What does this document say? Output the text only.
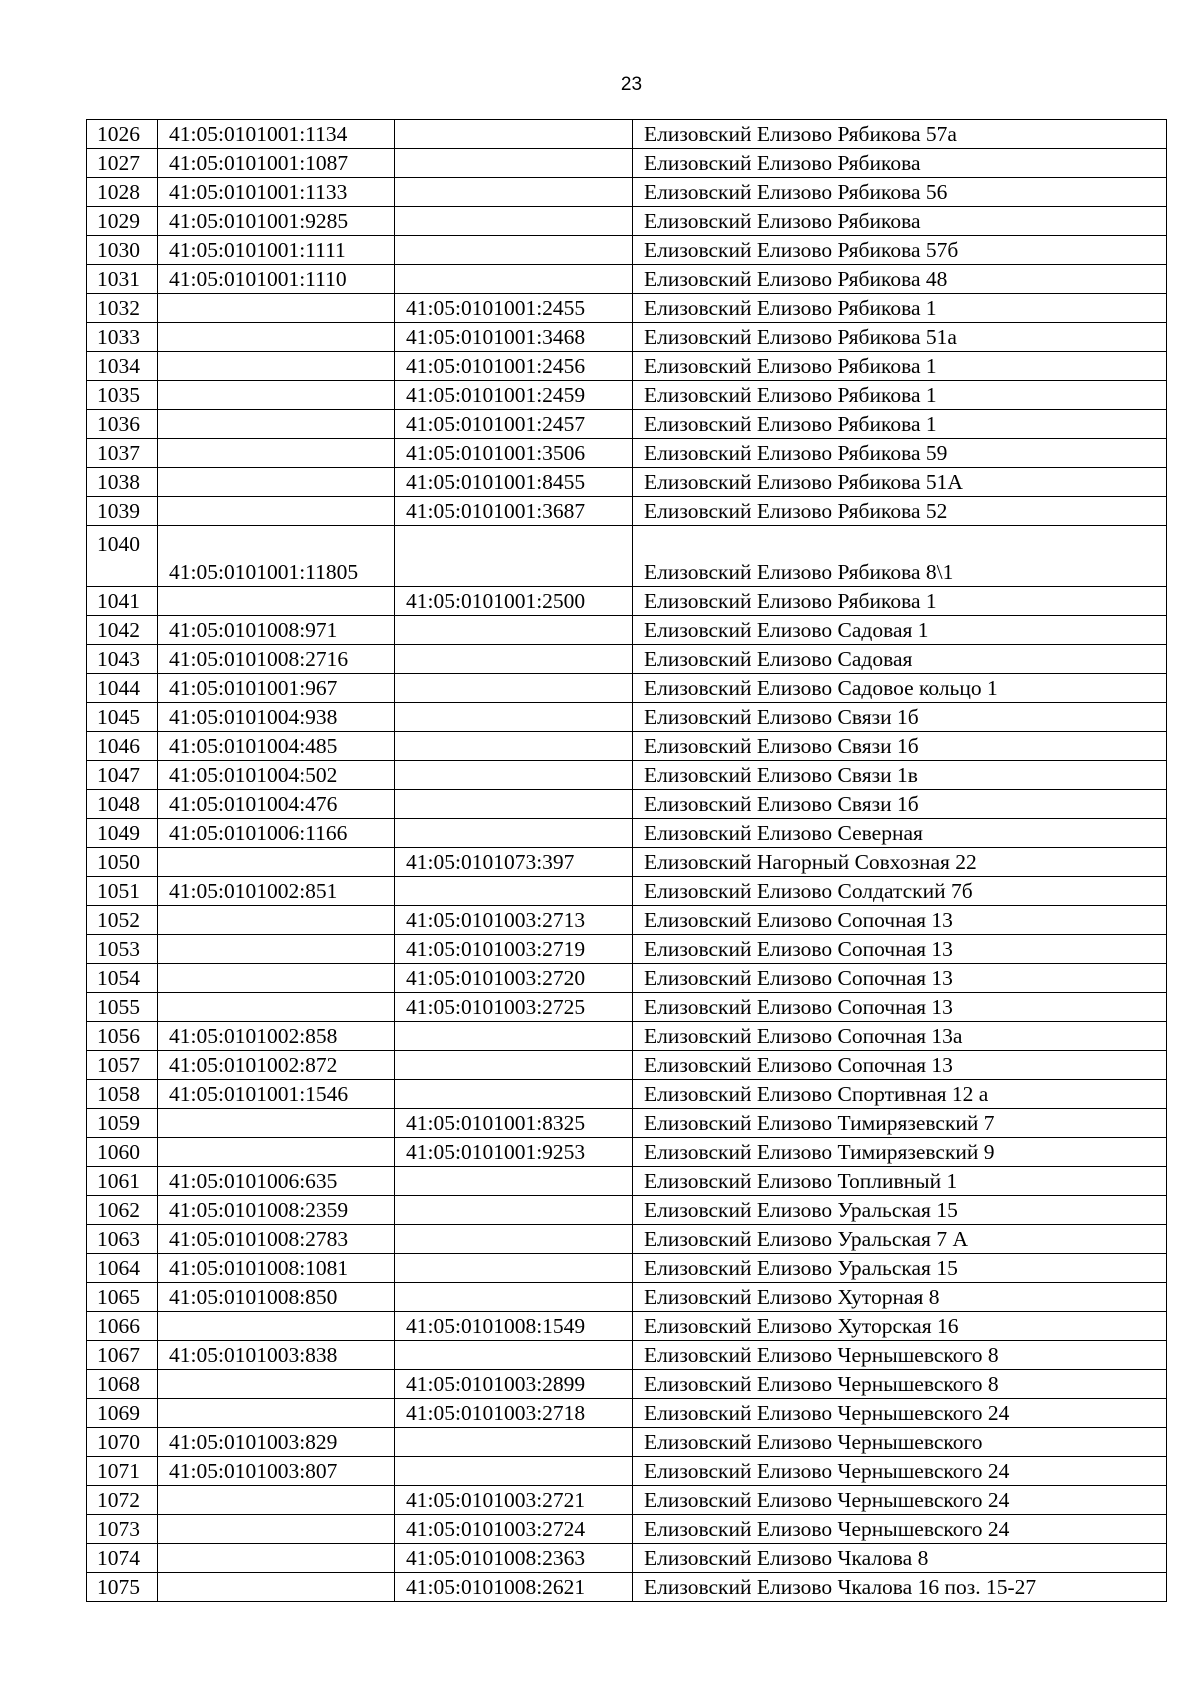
23
1026	41:05:0101001:1134		Елизовский Елизово Рябикова 57а
1027	41:05:0101001:1087		Елизовский Елизово Рябикова
1028	41:05:0101001:1133		Елизовский Елизово Рябикова 56
1029	41:05:0101001:9285		Елизовский Елизово Рябикова
1030	41:05:0101001:1111		Елизовский Елизово Рябикова 57б
1031	41:05:0101001:1110		Елизовский Елизово Рябикова 48
1032		41:05:0101001:2455	Елизовский Елизово Рябикова 1
1033		41:05:0101001:3468	Елизовский Елизово Рябикова 51а
1034		41:05:0101001:2456	Елизовский Елизово Рябикова 1
1035		41:05:0101001:2459	Елизовский Елизово Рябикова 1
1036		41:05:0101001:2457	Елизовский Елизово Рябикова 1
1037		41:05:0101001:3506	Елизовский Елизово Рябикова 59
1038		41:05:0101001:8455	Елизовский Елизово Рябикова 51А
1039		41:05:0101001:3687	Елизовский Елизово Рябикова 52
1040	41:05:0101001:11805		Елизовский Елизово Рябикова 8\1
1041		41:05:0101001:2500	Елизовский Елизово Рябикова 1
1042	41:05:0101008:971		Елизовский Елизово Садовая 1
1043	41:05:0101008:2716		Елизовский Елизово Садовая
1044	41:05:0101001:967		Елизовский Елизово Садовое кольцо 1
1045	41:05:0101004:938		Елизовский Елизово Связи 1б
1046	41:05:0101004:485		Елизовский Елизово Связи 1б
1047	41:05:0101004:502		Елизовский Елизово Связи 1в
1048	41:05:0101004:476		Елизовский Елизово Связи 1б
1049	41:05:0101006:1166		Елизовский Елизово Северная
1050		41:05:0101073:397	Елизовский Нагорный Совхозная 22
1051	41:05:0101002:851		Елизовский Елизово Солдатский 7б
1052		41:05:0101003:2713	Елизовский Елизово Сопочная 13
1053		41:05:0101003:2719	Елизовский Елизово Сопочная 13
1054		41:05:0101003:2720	Елизовский Елизово Сопочная 13
1055		41:05:0101003:2725	Елизовский Елизово Сопочная 13
1056	41:05:0101002:858		Елизовский Елизово Сопочная 13а
1057	41:05:0101002:872		Елизовский Елизово Сопочная 13
1058	41:05:0101001:1546		Елизовский Елизово Спортивная 12 а
1059		41:05:0101001:8325	Елизовский Елизово Тимирязевский 7
1060		41:05:0101001:9253	Елизовский Елизово Тимирязевский 9
1061	41:05:0101006:635		Елизовский Елизово Топливный 1
1062	41:05:0101008:2359		Елизовский Елизово Уральская 15
1063	41:05:0101008:2783		Елизовский Елизово Уральская 7 А
1064	41:05:0101008:1081		Елизовский Елизово Уральская 15
1065	41:05:0101008:850		Елизовский Елизово Хуторная 8
1066		41:05:0101008:1549	Елизовский Елизово Хуторская 16
1067	41:05:0101003:838		Елизовский Елизово Чернышевского 8
1068		41:05:0101003:2899	Елизовский Елизово Чернышевского 8
1069		41:05:0101003:2718	Елизовский Елизово Чернышевского 24
1070	41:05:0101003:829		Елизовский Елизово Чернышевского
1071	41:05:0101003:807		Елизовский Елизово Чернышевского 24
1072		41:05:0101003:2721	Елизовский Елизово Чернышевского 24
1073		41:05:0101003:2724	Елизовский Елизово Чернышевского 24
1074		41:05:0101008:2363	Елизовский Елизово Чкалова 8
1075		41:05:0101008:2621	Елизовский Елизово Чкалова 16 поз. 15-27
